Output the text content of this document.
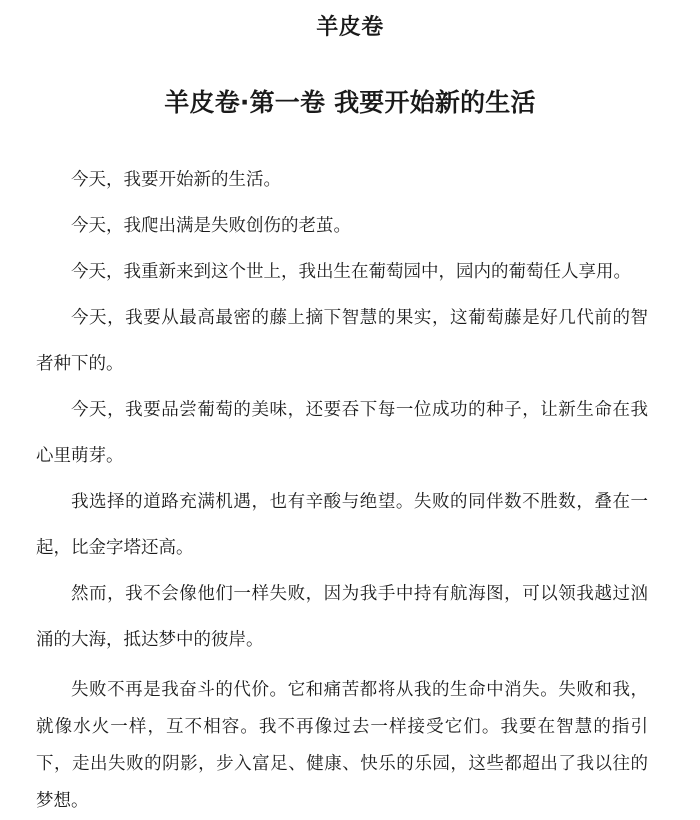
羊皮卷
羊皮卷·第一卷 我要开始新的生活

今天，我要开始新的生活。

今天，我爬出满是失败创伤的老茧。

今天，我重新来到这个世上，我出生在葡萄园中，园内的葡萄任人享用。

今天，我要从最高最密的藤上摘下智慧的果实，这葡萄藤是好几代前的智者种下的。

今天，我要品尝葡萄的美味，还要吞下每一位成功的种子，让新生命在我心里萌芽。

我选择的道路充满机遇，也有辛酸与绝望。失败的同伴数不胜数，叠在一起，比金字塔还高。

然而，我不会像他们一样失败，因为我手中持有航海图，可以领我越过汹涌的大海，抵达梦中的彼岸。

失败不再是我奋斗的代价。它和痛苦都将从我的生命中消失。失败和我，就像水火一样，互不相容。我不再像过去一样接受它们。我要在智慧的指引下，走出失败的阴影，步入富足、健康、快乐的乐园，这些都超出了我以往的梦想。
